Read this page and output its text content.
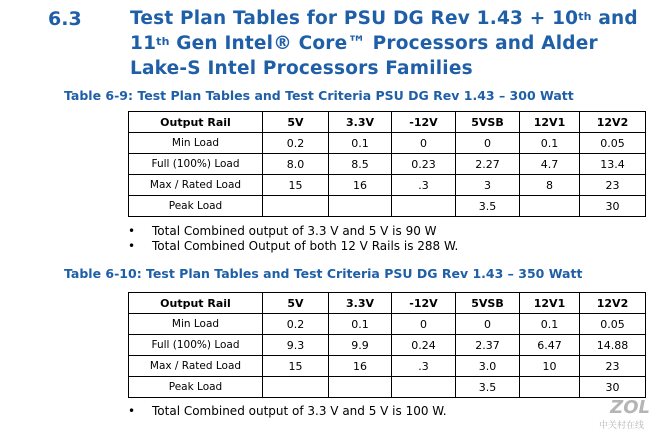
6.3	Test Plan Tables for PSU DG Rev 1.43 + 10th and
11th Gen Intel® Core™ Processors and Alder
Lake-S Intel Processors Families
Table 6-9: Test Plan Tables and Test Criteria PSU DG Rev 1.43 – 300 Watt
Output Rail	5V	3.3V	-12V	5VSB	12V1	12V2
Min Load	0.2	0.1	0	0	0.1	0.05
Full (100%) Load	8.0	8.5	0.23	2.27	4.7	13.4
Max / Rated Load	15	16	.3	3	8	23
Peak Load				3.5		30
• Total Combined output of 3.3 V and 5 V is 90 W
• Total Combined Output of both 12 V Rails is 288 W.
Table 6-10: Test Plan Tables and Test Criteria PSU DG Rev 1.43 – 350 Watt
Output Rail	5V	3.3V	-12V	5VSB	12V1	12V2
Min Load	0.2	0.1	0	0	0.1	0.05
Full (100%) Load	9.3	9.9	0.24	2.37	6.47	14.88
Max / Rated Load	15	16	.3	3.0	10	23
Peak Load				3.5		30
• Total Combined output of 3.3 V and 5 V is 100 W.	ZOL
中关村在线
